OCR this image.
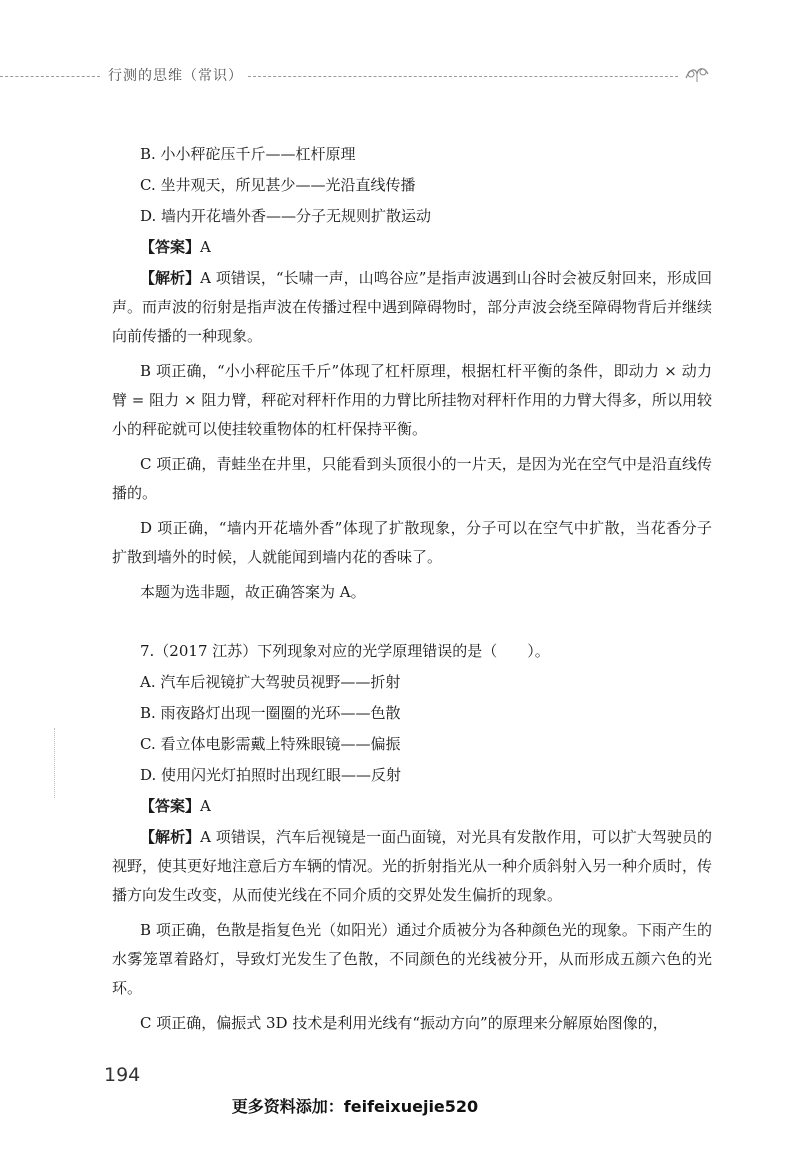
行测的思维（常识）

B. 小小秤砣压千斤——杠杆原理

C. 坐井观天，所见甚少——光沿直线传播

D. 墙内开花墙外香——分子无规则扩散运动

【答案】A

【解析】A 项错误，“长啸一声，山鸣谷应”是指声波遇到山谷时会被反射回来，形成回声。而声波的衍射是指声波在传播过程中遇到障碍物时，部分声波会绕至障碍物背后并继续向前传播的一种现象。

B 项正确，“小小秤砣压千斤”体现了杠杆原理，根据杠杆平衡的条件，即动力 × 动力臂 = 阻力 × 阻力臂，秤砣对秤杆作用的力臂比所挂物对秤杆作用的力臂大得多，所以用较小的秤砣就可以使挂较重物体的杠杆保持平衡。

C 项正确，青蛙坐在井里，只能看到头顶很小的一片天，是因为光在空气中是沿直线传播的。

D 项正确，“墙内开花墙外香”体现了扩散现象，分子可以在空气中扩散，当花香分子扩散到墙外的时候，人就能闻到墙内花的香味了。

本题为选非题，故正确答案为 A。

7.（2017 江苏）下列现象对应的光学原理错误的是（　　）。

A. 汽车后视镜扩大驾驶员视野——折射

B. 雨夜路灯出现一圈圈的光环——色散

C. 看立体电影需戴上特殊眼镜——偏振

D. 使用闪光灯拍照时出现红眼——反射

【答案】A

【解析】A 项错误，汽车后视镜是一面凸面镜，对光具有发散作用，可以扩大驾驶员的视野，使其更好地注意后方车辆的情况。光的折射指光从一种介质斜射入另一种介质时，传播方向发生改变，从而使光线在不同介质的交界处发生偏折的现象。

B 项正确，色散是指复色光（如阳光）通过介质被分为各种颜色光的现象。下雨产生的水雾笼罩着路灯，导致灯光发生了色散，不同颜色的光线被分开，从而形成五颜六色的光环。

C 项正确，偏振式 3D 技术是利用光线有“振动方向”的原理来分解原始图像的，

194
更多资料添加：feifeixuejie520
